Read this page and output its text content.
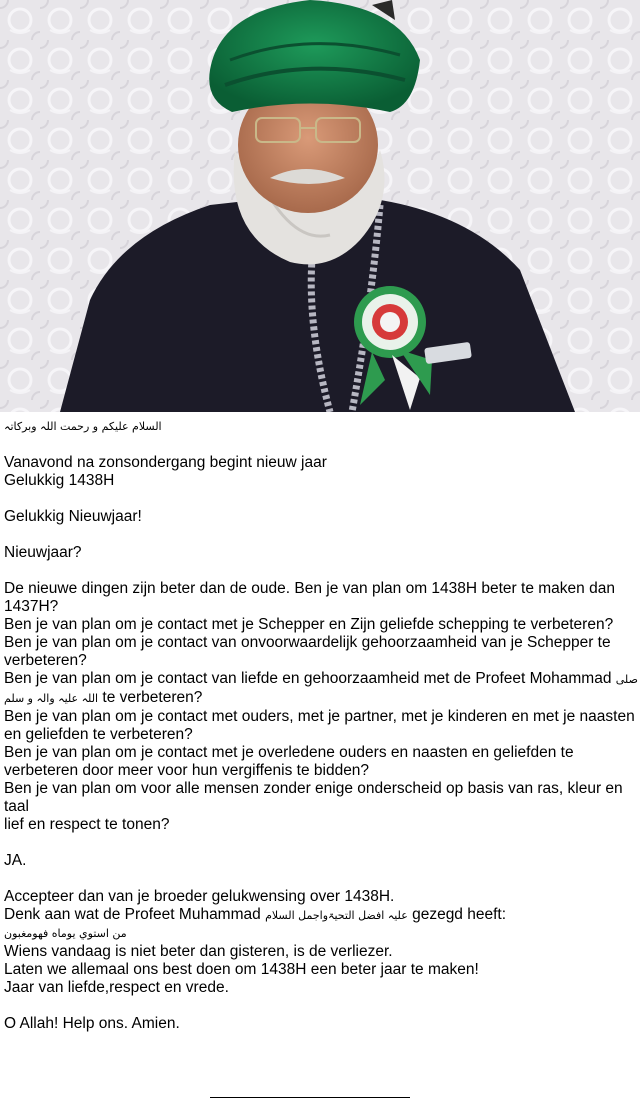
السلام علیکم و رحمت اللہ وبرکاتہ
Vanavond na zonsondergang begint nieuw jaar
Gelukkig 1438H
Gelukkig Nieuwjaar!
Nieuwjaar?
De nieuwe dingen zijn beter dan de oude. Ben je van plan om 1438H beter te maken dan 1437H?
Ben je van plan om je contact met je Schepper en Zijn geliefde schepping te verbeteren?
Ben je van plan om je contact van onvoorwaardelijk gehoorzaamheid van je Schepper te verbeteren?
Ben je van plan om je contact van liefde en gehoorzaamheid met de Profeet Mohammad صلی اللہ علیہ والہ و سلم te verbeteren?
Ben je van plan om je contact met ouders, met je partner, met je kinderen en met je naasten en geliefden te verbeteren?
Ben je van plan om je contact met je overledene ouders en naasten en geliefden te verbeteren door meer voor hun vergiffenis te bidden?
Ben je van plan om voor alle mensen zonder enige onderscheid op basis van ras, kleur en taal
lief en respect te tonen?
JA.
Accepteer dan van je broeder gelukwensing over 1438H.
Denk aan wat de Profeet Muhammad علیہ افضل التحیۃواجمل السلام gezegd heeft:
من استوي يوماه فهومغبون
Wiens vandaag is niet beter dan gisteren, is de verliezer.
Laten we allemaal ons best doen om 1438H een beter jaar te maken!
Jaar van liefde,respect en vrede.
O Allah! Help ons. Amien.
